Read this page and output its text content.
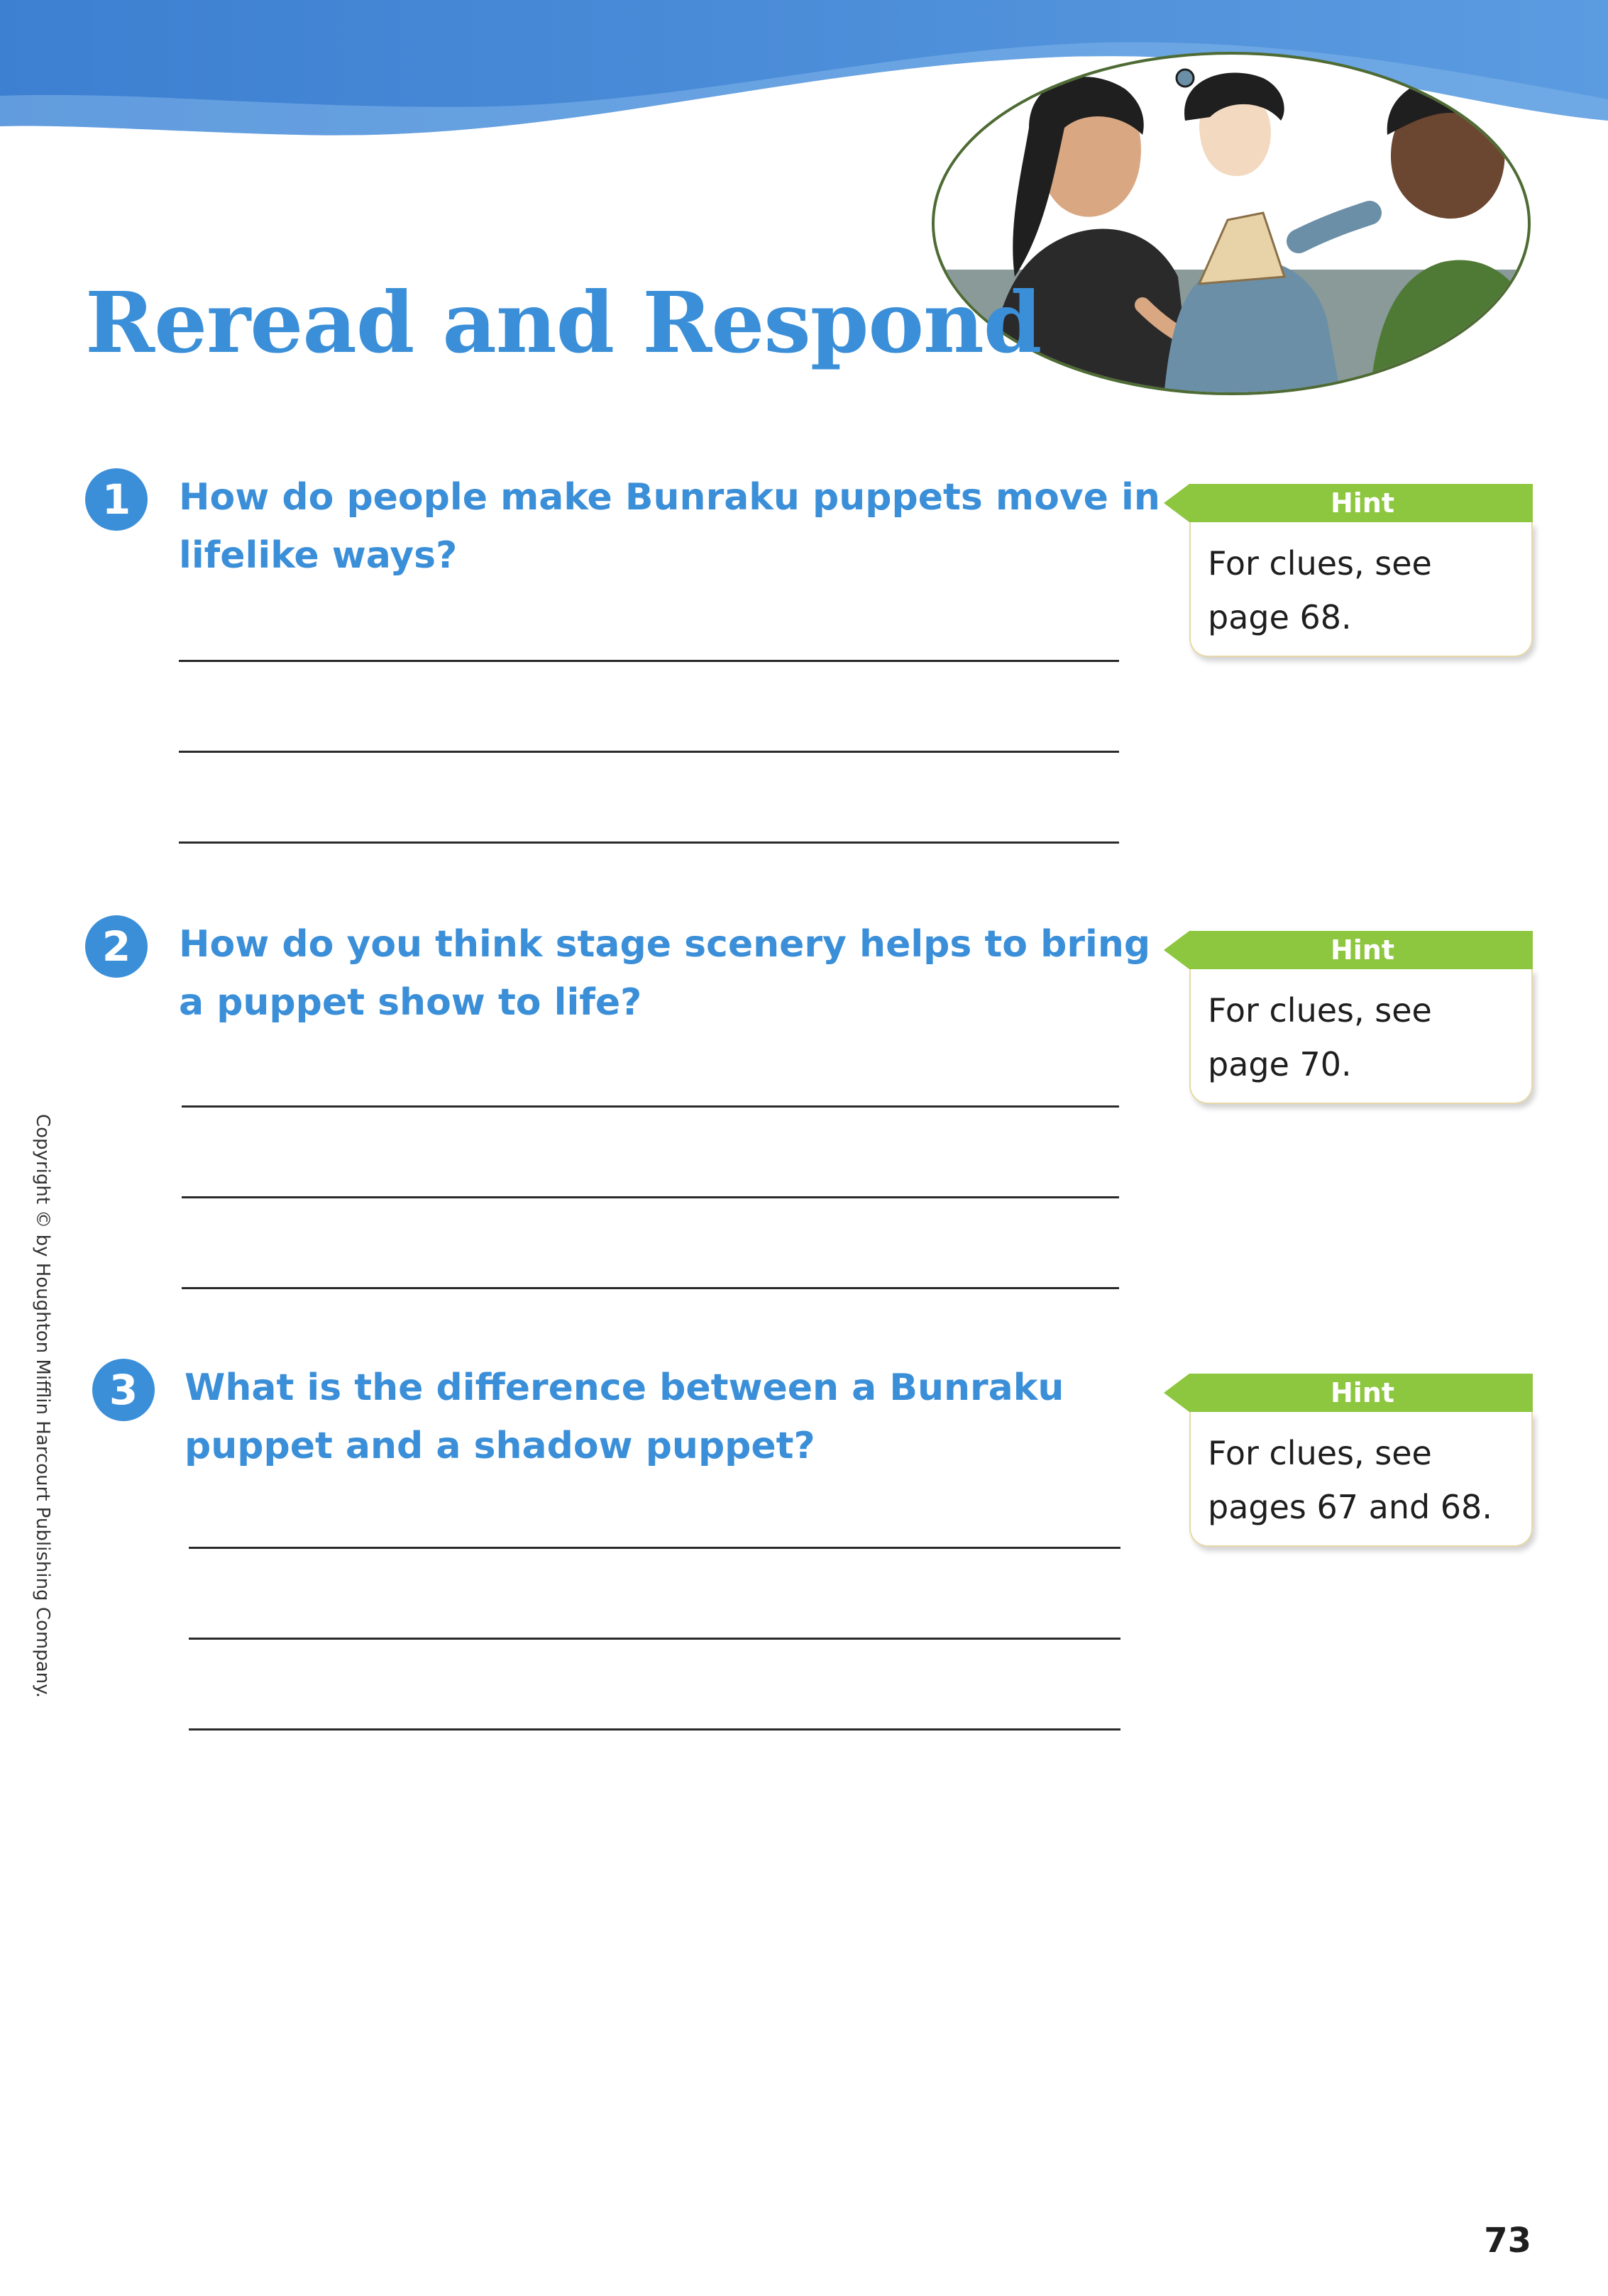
Reread and Respond
1	How do people make Bunraku puppets move in lifelike ways?

Hint

For clues, see page 68.

2	How do you think stage scenery helps to bring a puppet show to life?

Hint

For clues, see page 70.

3	What is the difference between a Bunraku puppet and a shadow puppet?

Hint

For clues, see pages 67 and 68.

Copyright © by Houghton Mifflin Harcourt Publishing Company.
73
